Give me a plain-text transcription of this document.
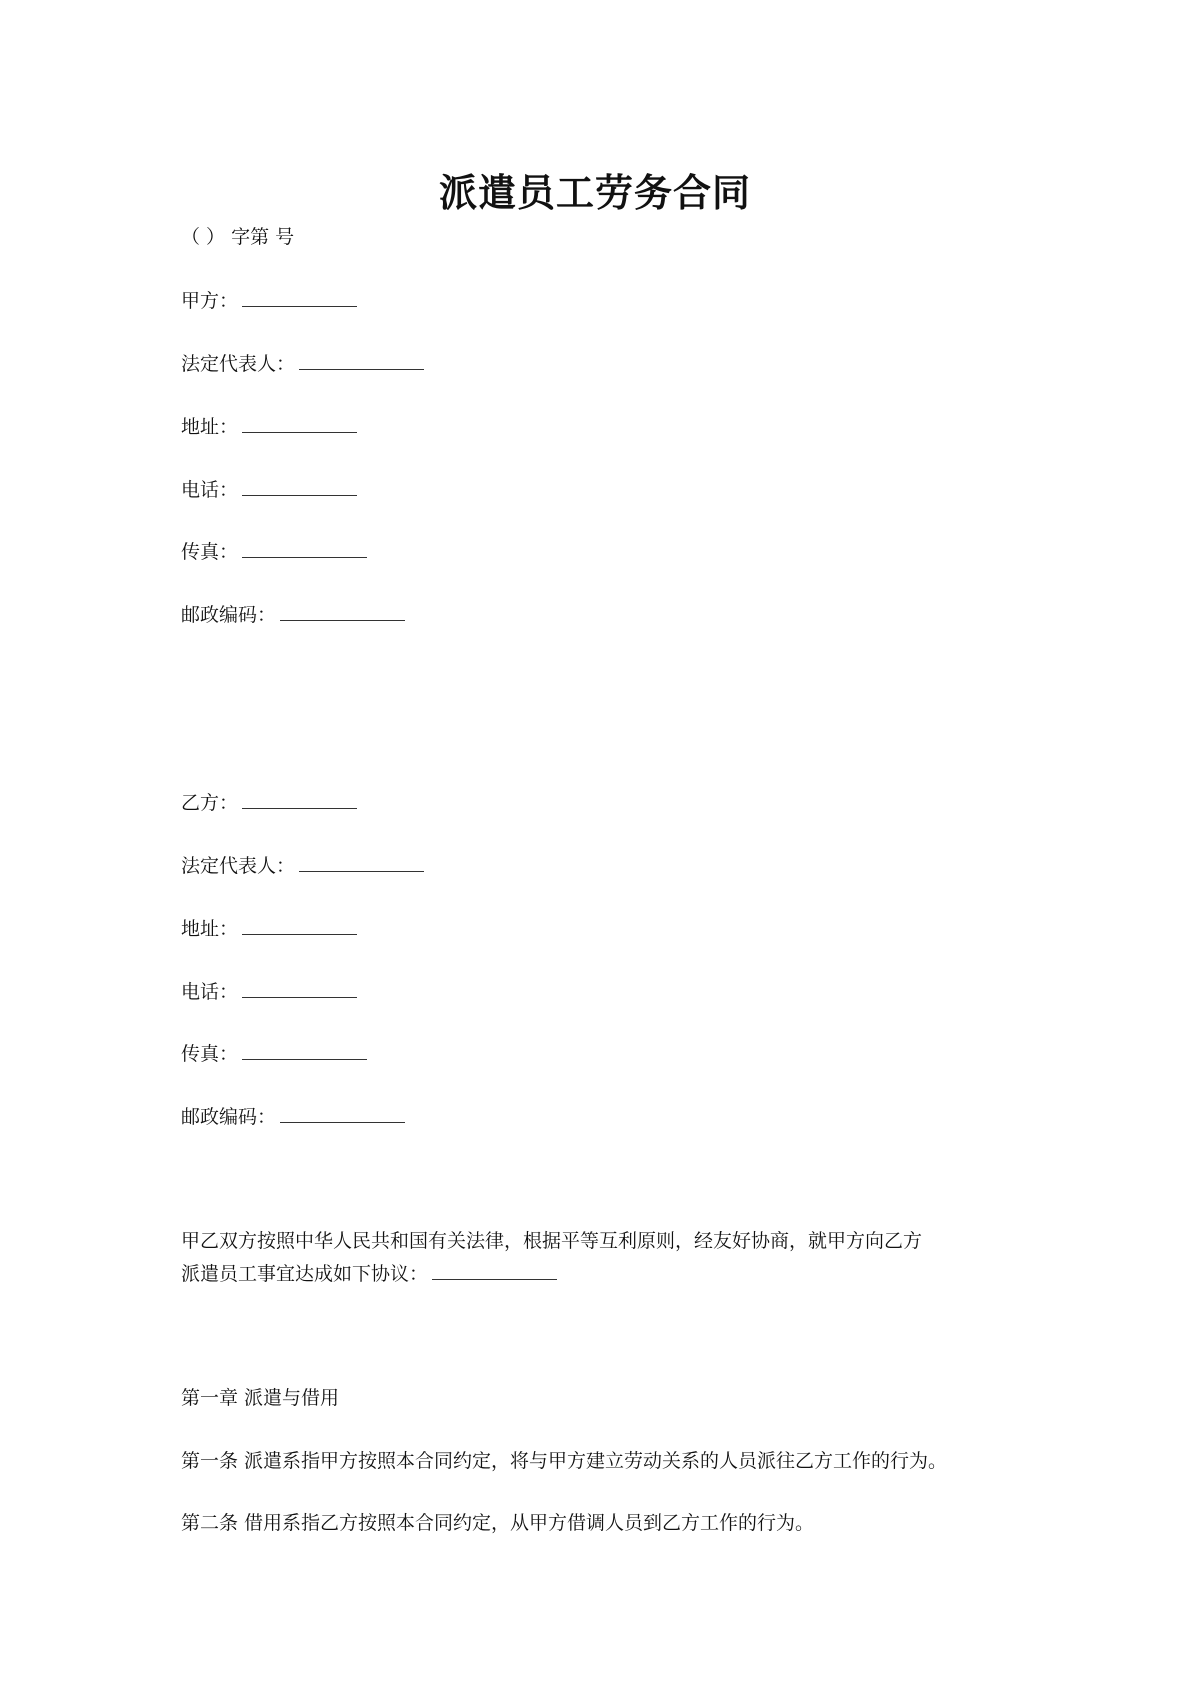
派遣员工劳务合同
（ ） 字第 号
甲方：
法定代表人：
地址：
电话：
传真：
邮政编码：
乙方：
法定代表人：
地址：
电话：
传真：
邮政编码：
甲乙双方按照中华人民共和国有关法律，根据平等互利原则，经友好协商，就甲方向乙方
派遣员工事宜达成如下协议：
第一章 派遣与借用
第一条 派遣系指甲方按照本合同约定，将与甲方建立劳动关系的人员派往乙方工作的行为。
第二条 借用系指乙方按照本合同约定，从甲方借调人员到乙方工作的行为。
